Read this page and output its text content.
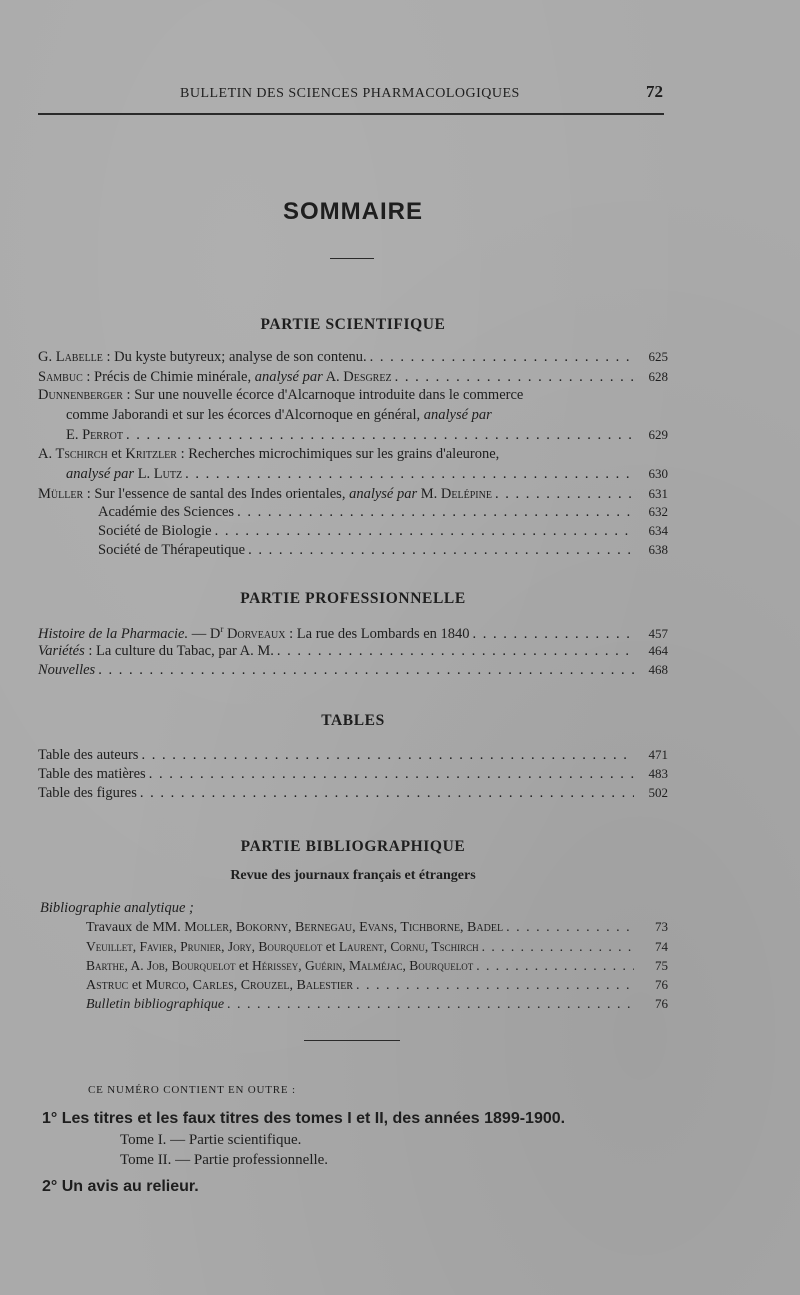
BULLETIN DES SCIENCES PHARMACOLOGIQUES	72
SOMMAIRE
PARTIE SCIENTIFIQUE
G. Labelle : Du kyste butyreux; analyse de son contenu. . . .	625
Sambuc : Précis de Chimie minérale, analysé par A. Desgrez . . .	628
Dunnenberger : Sur une nouvelle écorce d'Alcarnoque introduite dans le commerce
comme Jaborandi et sur les écorces d'Alcornoque en général, analysé par
E. Perrot . . .	629
A. Tschirch et Kritzler : Recherches microchimiques sur les grains d'aleurone,
analysé par L. Lutz . . .	630
Müller : Sur l'essence de santal des Indes orientales, analysé par M. Delépine . . .	631
Académie des Sciences . . .	632
Société de Biologie . . .	634
Société de Thérapeutique . . .	638
PARTIE PROFESSIONNELLE
Histoire de la Pharmacie. — $D^r$ Dorveaux : La rue des Lombards en 1840 . . .	457
Variétés : La culture du Tabac, par A. M. . . .	464
Nouvelles . . .	468
TABLES
Table des auteurs . . .	471
Table des matières . . .	483
Table des figures . . .	502
PARTIE BIBLIOGRAPHIQUE
Revue des journaux français et étrangers
Bibliographie analytique ;
Travaux de MM. Moller, Bokorny, Bernegau, Evans, Tichborne, Badel . . .	73
Veuillet, Favier, Prunier, Jory, Bourquelot et Laurent, Cornu, Tschirch . . .	74
Barthe, A. Job, Bourquelot et Hérissey, Guérin, Malméjac, Bourquelot . . .	75
Astruc et Murco, Carles, Crouzel, Balestier . . .	76
Bulletin bibliographique . . .	76
CE NUMÉRO CONTIENT EN OUTRE :
1° Les titres et les faux titres des tomes I et II, des années 1899-1900.
Tome I. — Partie scientifique.
Tome II. — Partie professionnelle.
2° Un avis au relieur.
